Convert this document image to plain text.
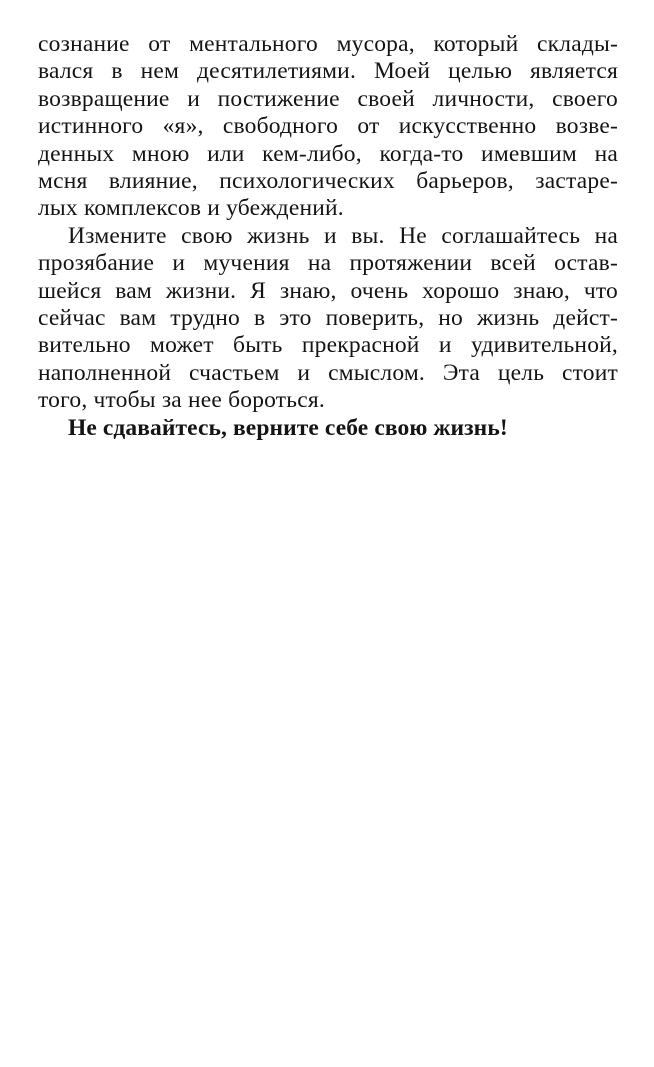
сознание от ментального мусора, который склады-
вался в нем десятилетиями. Моей целью является
возвращение и постижение своей личности, своего
истинного «я», свободного от искусственно возве-
денных мною или кем-либо, когда-то имевшим на
мсня влияние, психологических барьеров, застаре-
лых комплексов и убеждений.
Измените свою жизнь и вы. Не соглашайтесь на
прозябание и мучения на протяжении всей остав-
шейся вам жизни. Я знаю, очень хорошо знаю, что
сейчас вам трудно в это поверить, но жизнь дейст-
вительно может быть прекрасной и удивительной,
наполненной счастьем и смыслом. Эта цель стоит
того, чтобы за нее бороться.
Не сдавайтесь, верните себе свою жизнь!
